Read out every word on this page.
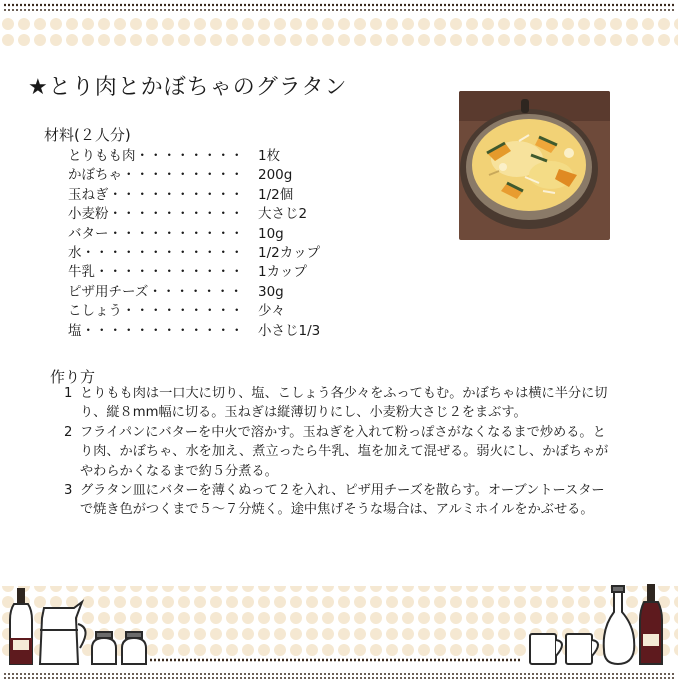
★とり肉とかぼちゃのグラタン
材料(２人分)
とりもも肉・・・・・・・・ 1枚
かぼちゃ・・・・・・・・・ 200g
玉ねぎ・・・・・・・・・・ 1/2個
小麦粉・・・・・・・・・・ 大さじ2
バター・・・・・・・・・・ 10g
水・・・・・・・・・・・・ 1/2カップ
牛乳・・・・・・・・・・・ 1カップ
ピザ用チーズ・・・・・・・ 30g
こしょう・・・・・・・・・ 少々
塩・・・・・・・・・・・・ 小さじ1/3
作り方
1 とりもも肉は一口大に切り、塩、こしょう各少々をふってもむ。かぼちゃは横に半分に切り、縦８mm幅に切る。玉ねぎは縦薄切りにし、小麦粉大さじ２をまぶす。
2 フライパンにバターを中火で溶かす。玉ねぎを入れて粉っぽさがなくなるまで炒める。とり肉、かぼちゃ、水を加え、煮立ったら牛乳、塩を加えて混ぜる。弱火にし、かぼちゃがやわらかくなるまで約５分煮る。
3 グラタン皿にバターを薄くぬって２を入れ、ピザ用チーズを散らす。オーブントースターで焼き色がつくまで５～７分焼く。途中焦げそうな場合は、アルミホイルをかぶせる。
